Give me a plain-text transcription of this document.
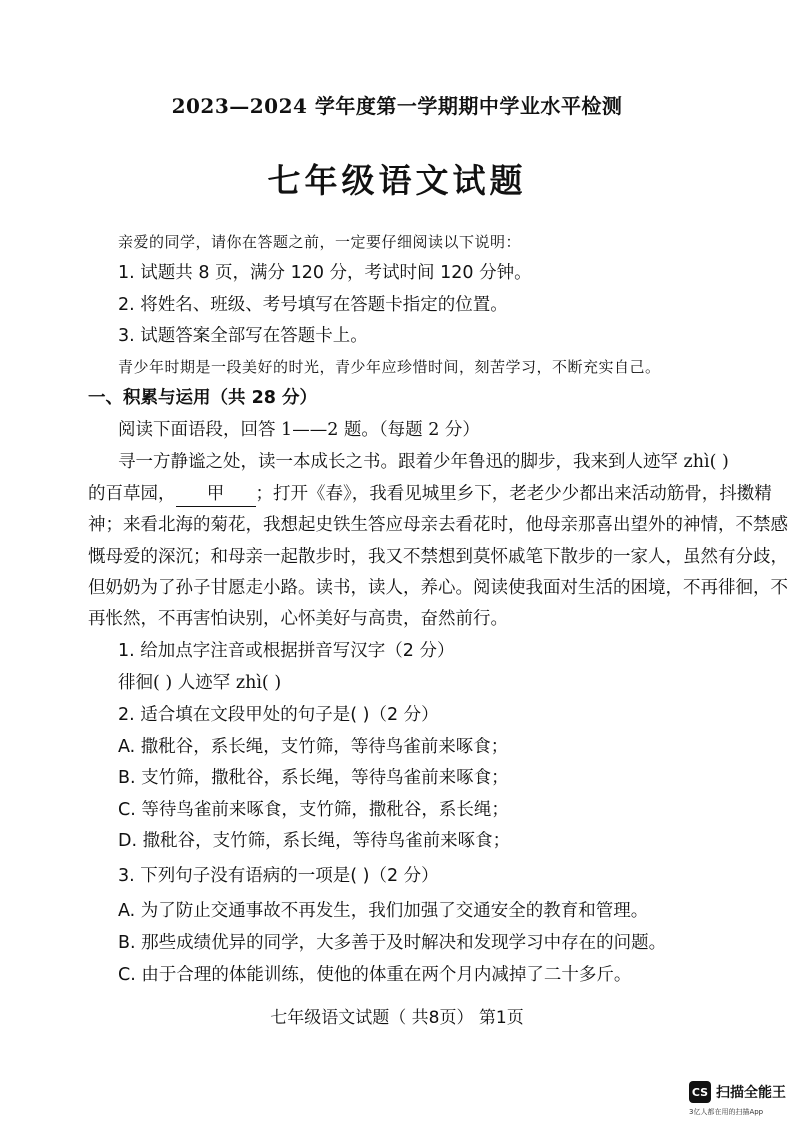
2023—2024 学年度第一学期期中学业水平检测
七年级语文试题
亲爱的同学，请你在答题之前，一定要仔细阅读以下说明：
1. 试题共 8 页，满分 120 分，考试时间 120 分钟。
2. 将姓名、班级、考号填写在答题卡指定的位置。
3. 试题答案全部写在答题卡上。
青少年时期是一段美好的时光，青少年应珍惜时间，刻苦学习，不断充实自己。
一、积累与运用（共 28 分）
阅读下面语段，回答 1——2 题。（每题 2 分）
寻一方静谧之处，读一本成长之书。跟着少年鲁迅的脚步，我来到人迹罕 zhì( )
的百草园， 甲 ；打开《春》，我看见城里乡下，老老少少都出来活动筋骨，抖擞精
神；来看北海的菊花，我想起史铁生答应母亲去看花时，他母亲那喜出望外的神情，不禁感
慨母爱的深沉；和母亲一起散步时，我又不禁想到莫怀戚笔下散步的一家人，虽然有分歧，
但奶奶为了孙子甘愿走小路。读书，读人，养心。阅读使我面对生活的困境，不再徘徊，不
再怅然，不再害怕诀别，心怀美好与高贵，奋然前行。
1. 给加点字注音或根据拼音写汉字（2 分）
徘徊( ) 人迹罕 zhì( )
2. 适合填在文段甲处的句子是( )（2 分）
A. 撒秕谷，系长绳，支竹筛，等待鸟雀前来啄食；
B. 支竹筛，撒秕谷，系长绳，等待鸟雀前来啄食；
C. 等待鸟雀前来啄食，支竹筛，撒秕谷，系长绳；
D. 撒秕谷，支竹筛，系长绳，等待鸟雀前来啄食；
3. 下列句子没有语病的一项是( )（2 分）
A. 为了防止交通事故不再发生，我们加强了交通安全的教育和管理。
B. 那些成绩优异的同学，大多善于及时解决和发现学习中存在的问题。
C. 由于合理的体能训练，使他的体重在两个月内减掉了二十多斤。
七年级语文试题（ 共8页） 第1页
CS 扫描全能王
3亿人都在用的扫描App
